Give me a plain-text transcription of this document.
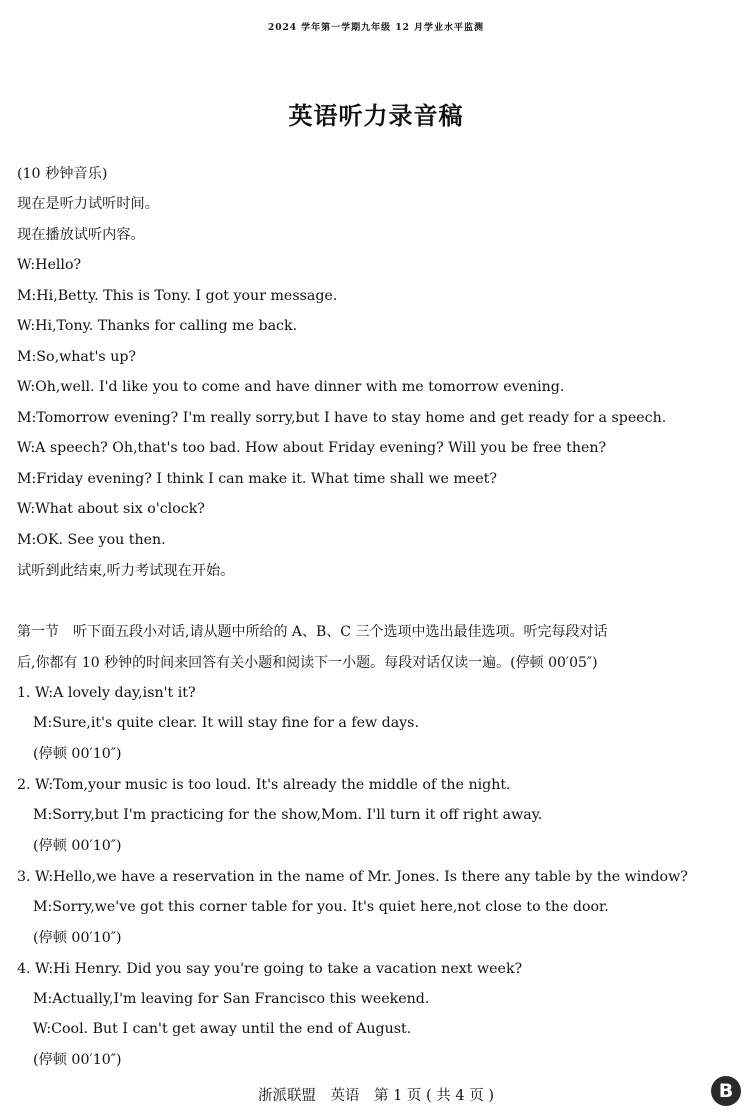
2024 学年第一学期九年级 12 月学业水平监测
英语听力录音稿
(10 秒钟音乐)
现在是听力试听时间。
现在播放试听内容。
W:Hello?
M:Hi,Betty. This is Tony. I got your message.
W:Hi,Tony. Thanks for calling me back.
M:So,what's up?
W:Oh,well. I'd like you to come and have dinner with me tomorrow evening.
M:Tomorrow evening? I'm really sorry,but I have to stay home and get ready for a speech.
W:A speech? Oh,that's too bad. How about Friday evening? Will you be free then?
M:Friday evening? I think I can make it. What time shall we meet?
W:What about six o'clock?
M:OK. See you then.
试听到此结束,听力考试现在开始。
第一节　听下面五段小对话,请从题中所给的 A、B、C 三个选项中选出最佳选项。听完每段对话
后,你都有 10 秒钟的时间来回答有关小题和阅读下一小题。每段对话仅读一遍。(停顿 00′05″)
1. W:A lovely day,isn't it?
M:Sure,it's quite clear. It will stay fine for a few days.
(停顿 00′10″)
2. W:Tom,your music is too loud. It's already the middle of the night.
M:Sorry,but I'm practicing for the show,Mom. I'll turn it off right away.
(停顿 00′10″)
3. W:Hello,we have a reservation in the name of Mr. Jones. Is there any table by the window?
M:Sorry,we've got this corner table for you. It's quiet here,not close to the door.
(停顿 00′10″)
4. W:Hi Henry. Did you say you're going to take a vacation next week?
M:Actually,I'm leaving for San Francisco this weekend.
W:Cool. But I can't get away until the end of August.
(停顿 00′10″)
浙派联盟　英语　第 1 页 ( 共 4 页 )	B
